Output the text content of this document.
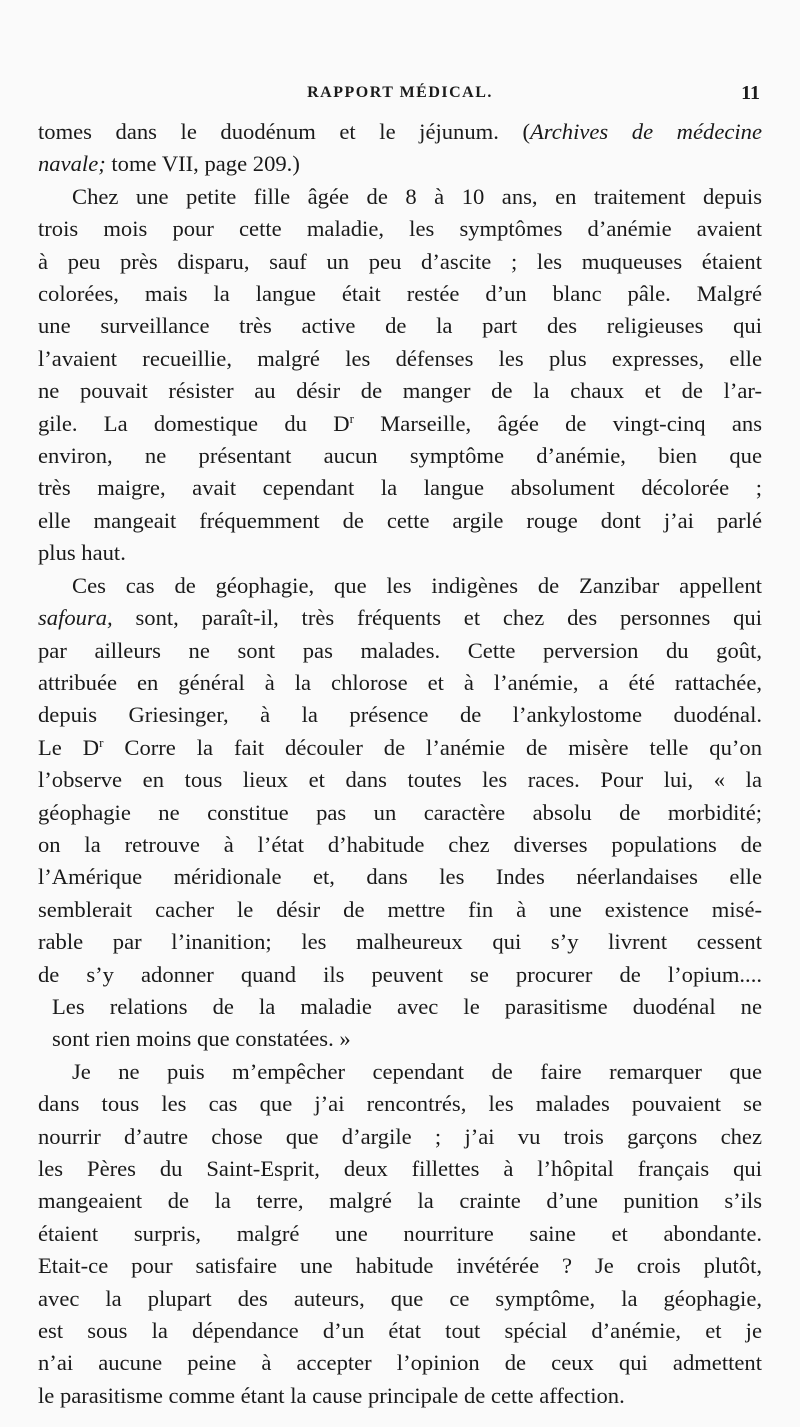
RAPPORT MÉDICAL.	11

tomes dans le duodénum et le jéjunum. (Archives de médecine
navale; tome VII, page 209.)

Chez une petite fille âgée de 8 à 10 ans, en traitement depuis
trois mois pour cette maladie, les symptômes d’anémie avaient
à peu près disparu, sauf un peu d’ascite ; les muqueuses étaient
colorées, mais la langue était restée d’un blanc pâle. Malgré
une surveillance très active de la part des religieuses qui
l’avaient recueillie, malgré les défenses les plus expresses, elle
ne pouvait résister au désir de manger de la chaux et de l’ar-
gile. La domestique du $D^r$ Marseille, âgée de vingt-cinq ans
environ, ne présentant aucun symptôme d’anémie, bien que
très maigre, avait cependant la langue absolument décolorée ;
elle mangeait fréquemment de cette argile rouge dont j’ai parlé
plus haut.

Ces cas de géophagie, que les indigènes de Zanzibar appellent
safoura, sont, paraît-il, très fréquents et chez des personnes qui
par ailleurs ne sont pas malades. Cette perversion du goût,
attribuée en général à la chlorose et à l’anémie, a été rattachée,
depuis Griesinger, à la présence de l’ankylostome duodénal.
Le $D^r$ Corre la fait découler de l’anémie de misère telle qu’on
l’observe en tous lieux et dans toutes les races. Pour lui, « la
géophagie ne constitue pas un caractère absolu de morbidité;
on la retrouve à l’état d’habitude chez diverses populations de
l’Amérique méridionale et, dans les Indes néerlandaises elle
semblerait cacher le désir de mettre fin à une existence misé-
rable par l’inanition; les malheureux qui s’y livrent cessent
de s’y adonner quand ils peuvent se procurer de l’opium....
Les relations de la maladie avec le parasitisme duodénal ne
sont rien moins que constatées. »

Je ne puis m’empêcher cependant de faire remarquer que
dans tous les cas que j’ai rencontrés, les malades pouvaient se
nourrir d’autre chose que d’argile ; j’ai vu trois garçons chez
les Pères du Saint-Esprit, deux fillettes à l’hôpital français qui
mangeaient de la terre, malgré la crainte d’une punition s’ils
étaient surpris, malgré une nourriture saine et abondante.
Etait-ce pour satisfaire une habitude invétérée ? Je crois plutôt,
avec la plupart des auteurs, que ce symptôme, la géophagie,
est sous la dépendance d’un état tout spécial d’anémie, et je
n’ai aucune peine à accepter l’opinion de ceux qui admettent
le parasitisme comme étant la cause principale de cette affection.
